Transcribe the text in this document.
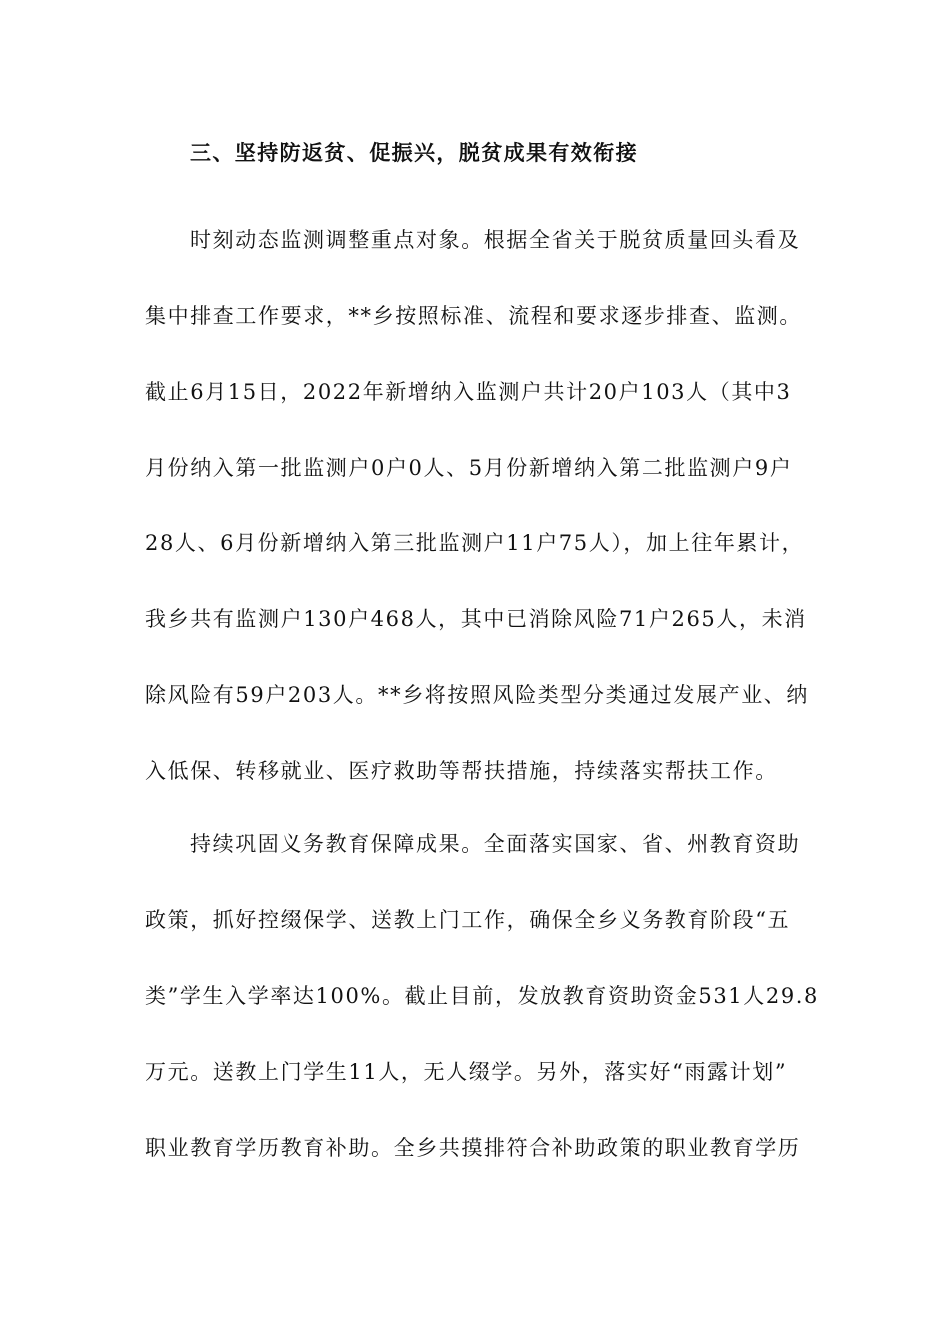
三、坚持防返贫、促振兴，脱贫成果有效衔接
时刻动态监测调整重点对象。根据全省关于脱贫质量回头看及
集中排查工作要求，**乡按照标准、流程和要求逐步排查、监测。
截止6月15日，2022年新增纳入监测户共计20户103人（其中3
月份纳入第一批监测户0户0人、5月份新增纳入第二批监测户9户
28人、6月份新增纳入第三批监测户11户75人），加上往年累计，
我乡共有监测户130户468人，其中已消除风险71户265人，未消
除风险有59户203人。**乡将按照风险类型分类通过发展产业、纳
入低保、转移就业、医疗救助等帮扶措施，持续落实帮扶工作。
持续巩固义务教育保障成果。全面落实国家、省、州教育资助
政策，抓好控缀保学、送教上门工作，确保全乡义务教育阶段“五
类”学生入学率达100%。截止目前，发放教育资助资金531人29.8
万元。送教上门学生11人，无人缀学。另外，落实好“雨露计划”
职业教育学历教育补助。全乡共摸排符合补助政策的职业教育学历
